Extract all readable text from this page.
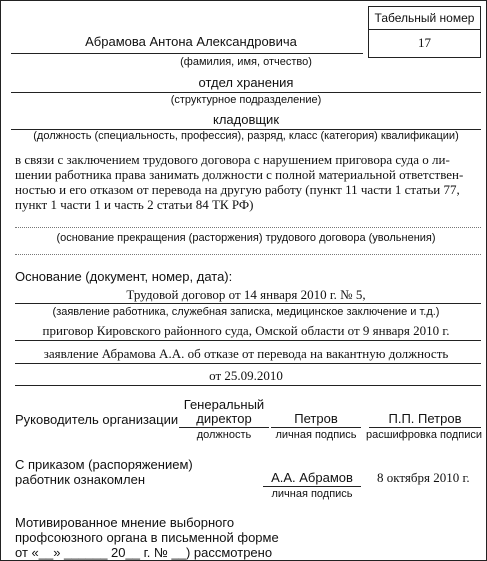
Табельный номер
17
Абрамова Антона Александровича
(фамилия, имя, отчество)
отдел хранения
(структурное подразделение)
кладовщик
(должность (специальность, профессия), разряд, класс (категория) квалификации)
в связи с заключением трудового договора с нарушением приговора суда о ли-
шении работника права занимать должности с полной материальной ответствен-
ностью и его отказом от перевода на другую работу (пункт 11 части 1 статьи 77,
пункт 1 части 1 и часть 2 статьи 84 ТК РФ)
(основание прекращения (расторжения) трудового договора (увольнения)
Основание (документ, номер, дата):
Трудовой договор от 14 января 2010 г. № 5,
(заявление работника, служебная записка, медицинское заключение и т.д.)
приговор Кировского районного суда, Омской области от 9 января 2010 г.
заявление Абрамова А.А. об отказе от перевода на вакантную должность
от 25.09.2010
Руководитель организации
Генеральный
директор
должность
Петров
личная подпись
П.П. Петров
расшифровка подписи
С приказом (распоряжением)
работник ознакомлен	А.А. Абрамов
личная подпись
8 октября 2010 г.
Мотивированное мнение выборного
профсоюзного органа в письменной форме
от «__» ______ 20__ г. № __) рассмотрено
